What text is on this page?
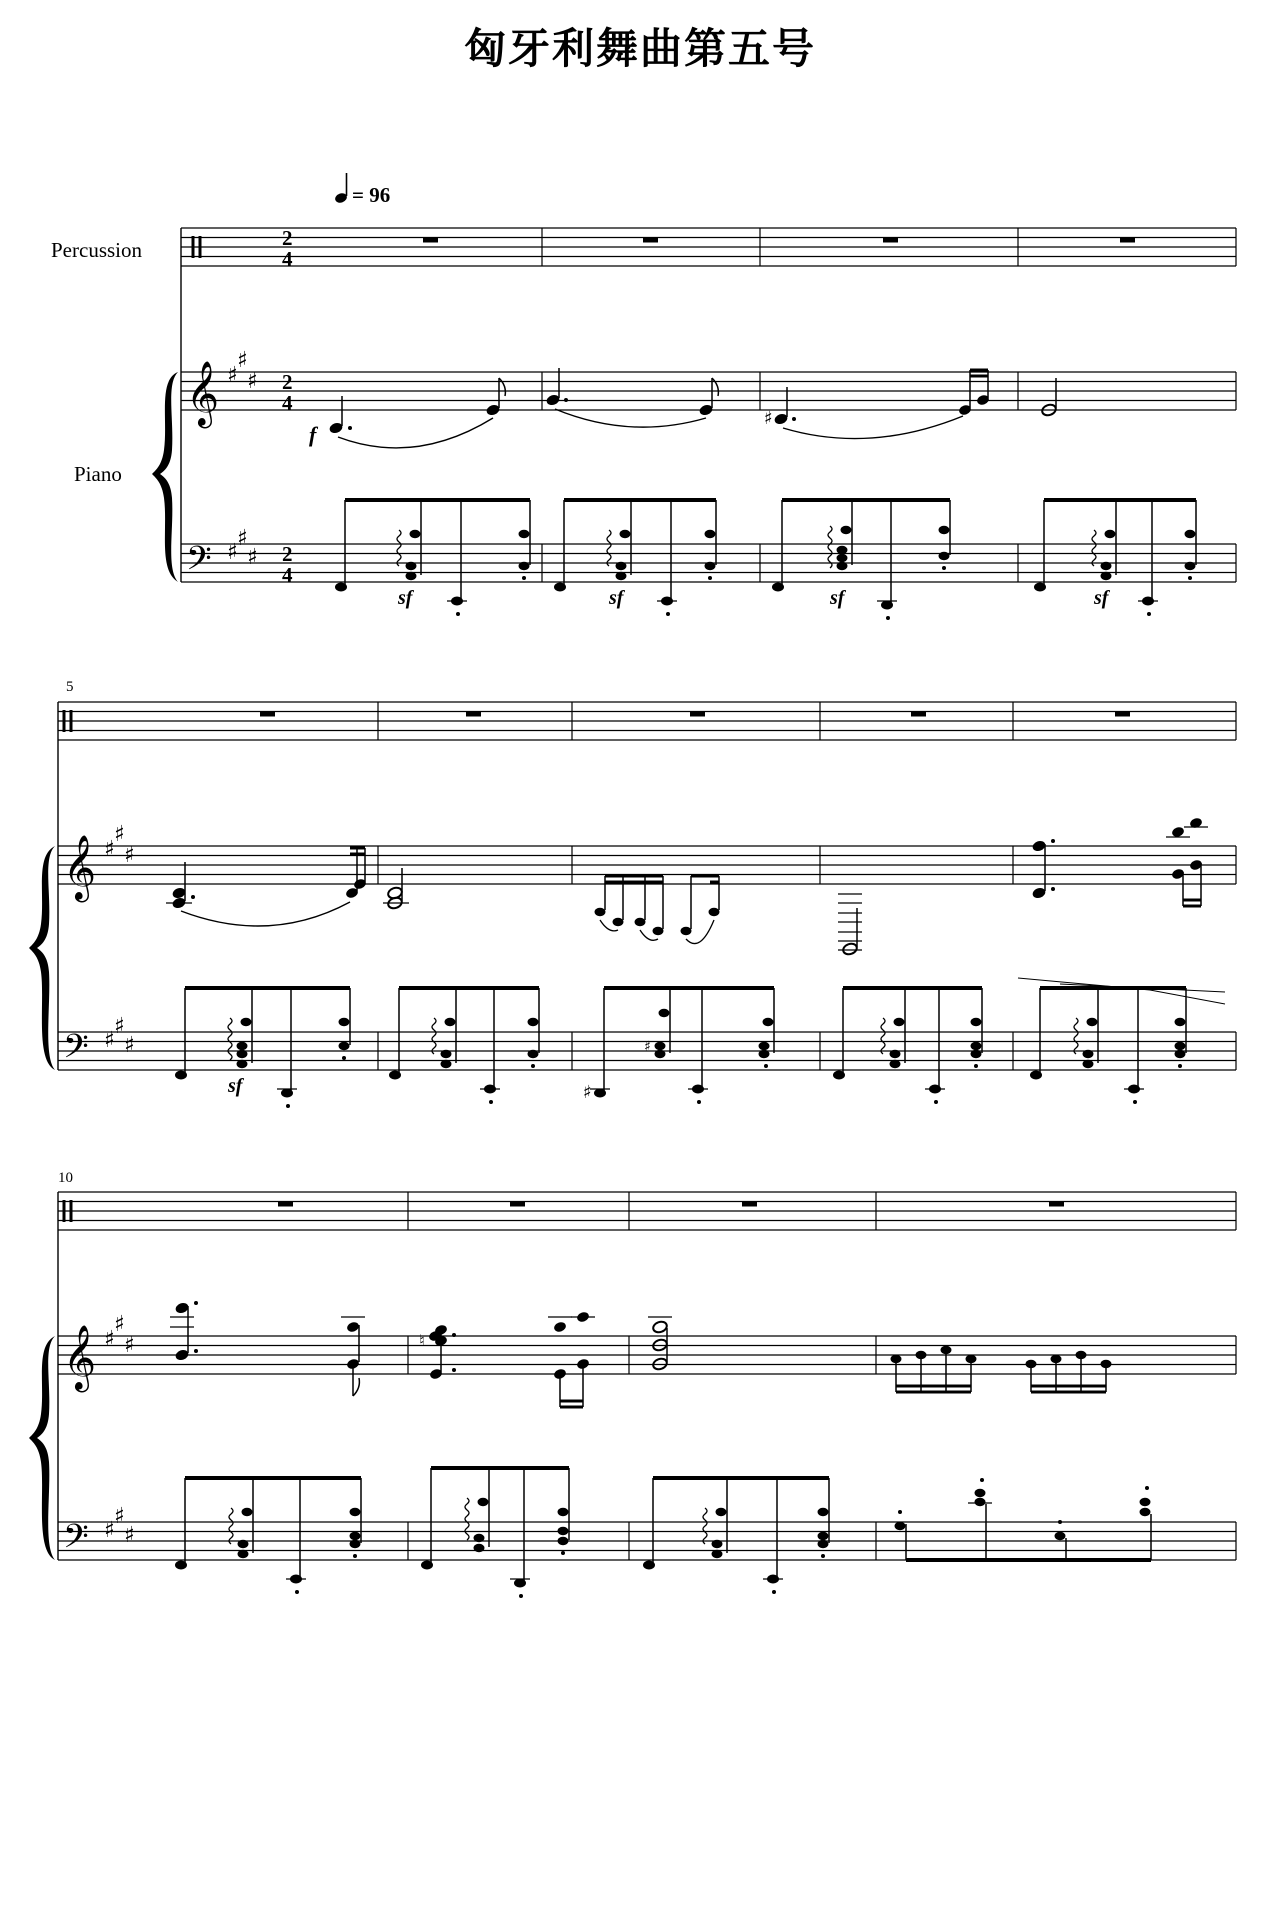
匈牙利舞曲第五号
= 96
Percussion
Piano
2
4
𝄞 ♯
♯
♯ 2
4
f
♯
𝄢 ♯
♯
♯ 2
4
sf	sf	sf	sf
5
𝄞 ♯
♯
♯
𝄢 ♯
♯
♯
sf	♯
♯
10
𝄞 ♯
♯
♯	♮
𝄢 ♯
♯
♯
